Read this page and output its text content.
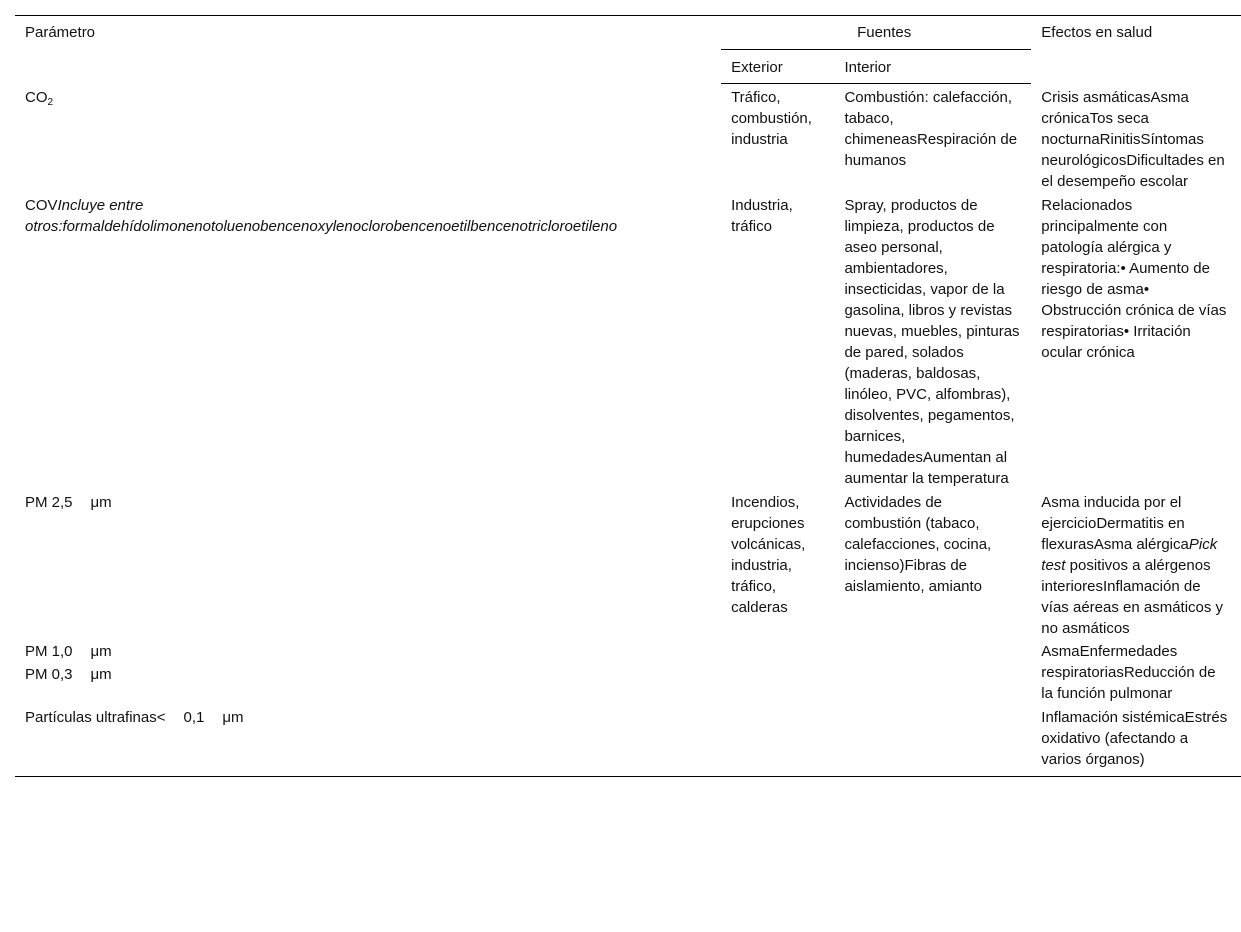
Parámetro	Fuentes		Efectos en salud
	Exterior	Interior	
$CO_2$	Tráfico, combustión, industria	Combustión: calefacción, tabaco, chimeneasRespiración de humanos	Crisis asmáticasAsma crónicaTos seca nocturnaRinitisSíntomas neurológicosDificultades en el desempeño escolar
COVIncluye entre otros:formaldehídolimonenotoluenobencenoxylenoclorobencenoetilbencenotricloroetileno	Industria, tráfico	Spray, productos de limpieza, productos de aseo personal, ambientadores, insecticidas, vapor de la gasolina, libros y revistas nuevas, muebles, pinturas de pared, solados (maderas, baldosas, linóleo, PVC, alfombras), disolventes, pegamentos, barnices, humedadesAumentan al aumentar la temperatura	Relacionados principalmente con patología alérgica y respiratoria:• Aumento de riesgo de asma• Obstrucción crónica de vías respiratorias• Irritación ocular crónica
PM 2,5 μm	Incendios, erupciones volcánicas, industria, tráfico, calderas	Actividades de combustión (tabaco, calefacciones, cocina, incienso)Fibras de aislamiento, amianto	Asma inducida por el ejercicioDermatitis en flexurasAsma alérgicaPick test positivos a alérgenos interioresInflamación de vías aéreas en asmáticos y no asmáticos

PM 1,0 μm
PM 0,3 μm			AsmaEnfermedades respiratoriasReducción de la función pulmonar
Partículas ultrafinas< 0,1 μm			Inflamación sistémicaEstrés oxidativo (afectando a varios órganos)
